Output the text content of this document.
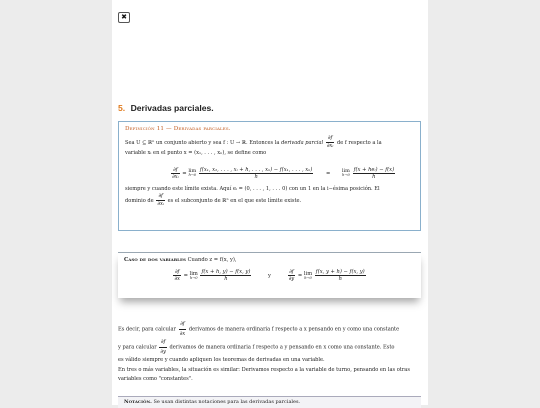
✖
5. Derivadas parciales.
Definición 11 — Derivadas parciales.
Sea U ⊆ ℝⁿ un conjunto abierto y sea f : U → ℝ. Entonces la derivada parcial $\frac{\partial f}{\text{∂xᵢ}}$ de f respecto a la
variable xᵢ en el punto x = (x₁, . . . , xₙ), se define como
$\frac{\partial f}{\text{∂xᵢ}} = \lim$
h→0
$\frac{\text{f(x₁, x₂, . . . , xᵢ + h, . . . , xₙ) − f(x₁, . . . , xₙ)}}{h} = \lim$
h→0
$\frac{\text{f(x + heᵢ) − f(x)}}{h}$
siempre y cuando este límite exista. Aquí eᵢ = (0, . . . , 1, . . . 0) con un 1 en la i−ésima posición. El
dominio de $\frac{\partial f}{\text{∂xᵢ}}$ es el subconjunto de ℝⁿ en el que este límite existe.
Caso de dos variables Cuando z = f(x, y),
$\frac{\partial f}{\partial x} = \lim$
h→0
$\frac{f(x + h, y) - f(x, y)}{h}$	y	$\frac{\partial f}{\partial y} = \lim$
h→0
$\frac{f(x, y + h) - f(x, y)}{h}$
Es decir, para calcular $\frac{\partial f}{\partial x}$ derivamos de manera ordinaria f respecto a x pensando en y como una constante
y para calcular $\frac{\partial f}{\partial y}$ derivamos de manera ordinaria f respecto a y pensando en x como una constante. Esto
es válido siempre y cuando apliquen los teoremas de derivadas en una variable.
En tres o más variables, la situación es similar: Derivamos respecto a la variable de turno, pensando en las otras variables como "constantes".
Notación. Se usan distintas notaciones para las derivadas parciales.
